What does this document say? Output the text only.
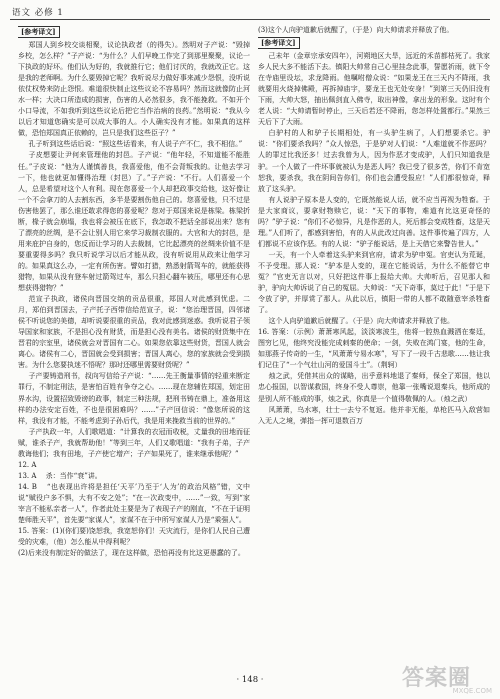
语文 必修 1
[参考译文]

郑国人到乡校交谈相聚，议论执政者（的得失）。然明对子产说：“毁掉乡校，怎么样？”子产说：“为什么？人们早晚工作完了到那里聚聚，议论一下执政的好坏。他们认为好的，我就推行它；他们讨厌的，我就改正它。这是我的老师啊。为什么要毁掉它呢？我听说尽力做好事来减少怨恨，没听说依仗权势来防止怨恨。难道很快制止这些议论不容易吗？然而这就像防止河水一样；大决口所造成的损害，伤害的人必然很多，我不能挽救。不如开个小口导流，不如我听到这些议论后把它当作治病的良药。”然明说：“我从今以后才知道您确实是可以成大事的人。小人确实没有才能。如果真的这样做，恐怕郑国真正依赖的，岂只是我们这些臣子？”

孔子听到这些话后说：“照这些话看来，有人说子产不仁，我不相信。”

子皮想要让尹何来管理他的封邑。子产说：“他年轻，不知道能不能胜任。”子皮说：“他为人谨慎善良，我喜爱他，他不会背叛我的。让他去学习一下，他也就更加懂得治理（封邑）了。”子产说：“不行。人们喜爱一个人，总是希望对这个人有利。现在您喜爱一个人却把政事交给他，这好像让一个不会拿刀的人去割东西，多半是要割伤他自己的。您喜爱他，只不过是伤害他罢了，那么谁还敢求得您的喜爱呢？您对于郑国来说是栋梁。栋梁折断，椽子就会崩塌，我也将会被压在底下，我怎敢不把话全部说出来？您有了漂亮的丝绸，是不会让别人用它来学习裁制衣服的。大官和大的封邑，是用来庇护自身的，您反而让学习的人去裁制，它比起漂亮的丝绸来价值不是要重要得多吗？我只听说学习以后才能从政，没有听说用从政来让他学习的。如果真这么办，一定有所伤害。譬如打猎，熟悉射箭驾车的，就能获得猎物，如果从没有登车射过箭驾过车，那么只担心翻车被压，哪里还有心思想获得猎物？”

范宣子执政，诸侯向晋国交纳的贡品很重，郑国人对此感到忧虑。二月，郑伯到晋国去，子产托子西带信给范宣子，说：“您治理晋国，四邻诸侯不听说您的美德，却听说要很重的贡品，我对此感到迷惑。我听说君子领导国家和家族，不是担心没有财货，而是担心没有美名。诸侯的财货集中在晋君的宗室里，诸侯就会对晋国有二心。如果您依靠这些财货，晋国人就会离心。诸侯有二心，晋国就会受到损害；晋国人离心，您的家族就会受到损害。为什么您要执迷不悟呢？那时还哪里需要财货呢？”

子产要铸造刑书，叔向写信给子产说：“……先王衡量事情的轻重来断定罪行，不制定刑法，是害怕百姓有争夺之心。……现在您辅佐郑国，划定田界水沟，设置招致毁谤的政事，制定三种法规，把刑书铸在鼎上，准备用这样的办法安定百姓，不也是很困难吗？……”子产回信说：“像您所说的这样，我没有才能，不能考虑到子孙后代，我是用来挽救当前的世界的。”

子产执政一年，人们歌唱道：“计算我的衣冠而收税，丈量我的田地而征赋，谁杀子产，我就帮助他！”等到三年，人们又歌唱道：“我有子弟，子产教诲他们；我有田地，子产使它增产；子产如果死了，谁来继承他呢？”

12. A

13. A 　杀：当作“衰”讲。

14. B 　“也表现出许将是担任‘天平’乃至于‘人为’的政治风格”错，文中说“赋役户多不惧，大有不安之处”；“在一次政变中，……”一致，写到“家宰言不能私亲者一人”，作者此处主要是为了表现子产的刚直，“不在于证明楚师胜天平”，首先要“家谋人”，家谋不在于中所写家谋人乃是“乘强人”。

15. 答案：(1)(你们要)饶恕我，我宽恕你们！天灾流行，是你们人民自己遭受的灾难，（他）怎么能从中得利呢？

(2)后来没有制定好的做法了，现在这样做，恐怕再没有比这更愚蠢的了。

(3)这个人向驴道歉后就醒了，（于是）向大帅请求并释放了他。

[参考译文]

己未年（金章宗承安四年），河朔地区大旱，远近的禾苗都枯死了。我家乡人民大多不能活下去。镇阳大帅常自己心里挂念此事，誓愿祈雨，就下令在寺庙里设坛，求龙降雨。他嘱咐僧众说：“如果龙王在三天内不降雨，我就要用火烧掉佛殿，再拆掉庙宇，要龙王也无处安身！”到第三天仍旧没有下雨，大帅大怒，抽出佩剑直入佛寺，取出神像，拿出龙的形象。这时有个老人说：“大帅请暂时停止，三天后若还不降雨，您怎样处置都行。”果然三天后下了大雨。

白驴村的人和驴子长期相处，有一头驴生病了，人们想要杀它。驴说：“你们要杀我吗？”众人惊恐，于是驴对人们说：“人难道就不作恶吗？人的罪过比我还多！过去我曾为人，因为作恶才变成驴，人们只知道我是驴。一个人做了一件坏事就被认为是恶人吗？我已受了很多苦，你们不肯宽恕我，要杀我，我在阴间告你们，你们也会遭受报应！”人们都很惊奇，释放了这头驴。

有人说驴子原本是人变的，它既然能说人话，就不应当再视为牲畜。于是大家商议，要拿财物赎它，说：“天下的事物，难道有比这更奇怪的吗？”驴子说：“你们不必惊异，凡是作恶的人，死后都会变成牲畜，这是天理。”人们听了，都感到害怕，有的人从此改过向善。这件事传遍了四方，人们都说不应该作恶。有的人说：“驴子能说话，是上天借它来警告世人。”

一天，有一个人牵着这头驴来到官府，请求为驴申冤。官吏认为荒诞，不予受理。那人说：“驴本是人变的，现在它能说话，为什么不能替它申冤？”官吏无言以对，只好把这件事上报给大帅。大帅听后，召见那人和驴，驴向大帅诉说了自己的冤屈。大帅说：“天下奇事，莫过于此！”于是下令放了驴，并厚赏了那人。从此以后，镇阳一带的人都不敢随意宰杀牲畜了。

这个人向驴道歉后就醒了。（于是）向大帅请求并释放了他。

16. 答案：（示例）萧萧寒风起，淡淡寒波生，他将一腔热血溅洒在秦廷，图穷匕见，他终究没能完成刺秦的使命；一剑，失败在鸿门宴，他的生命，如那燕子传奇的一生，“风萧萧兮易水寒”，写下了一段千古悲歌……他让我们记住了“一个气壮山河的爱国斗士”。（荆轲）

烛之武，凭借其出众的谋略，出乎意料地退了秦师，保全了郑国，他以忠心报国，以智谋救国，终身不受人尊崇，他靠一张嘴说退秦兵，他所成的是别人所不能成的事，烛之武，你真是一个值得敬佩的人。（烛之武）

风萧萧，乌水寒，壮士一去兮不复返。他并非无能，单枪匹马入敌营如入无人之境，弹指一挥可退数百万

· 148 ·	答案圈
MXQE.COM
